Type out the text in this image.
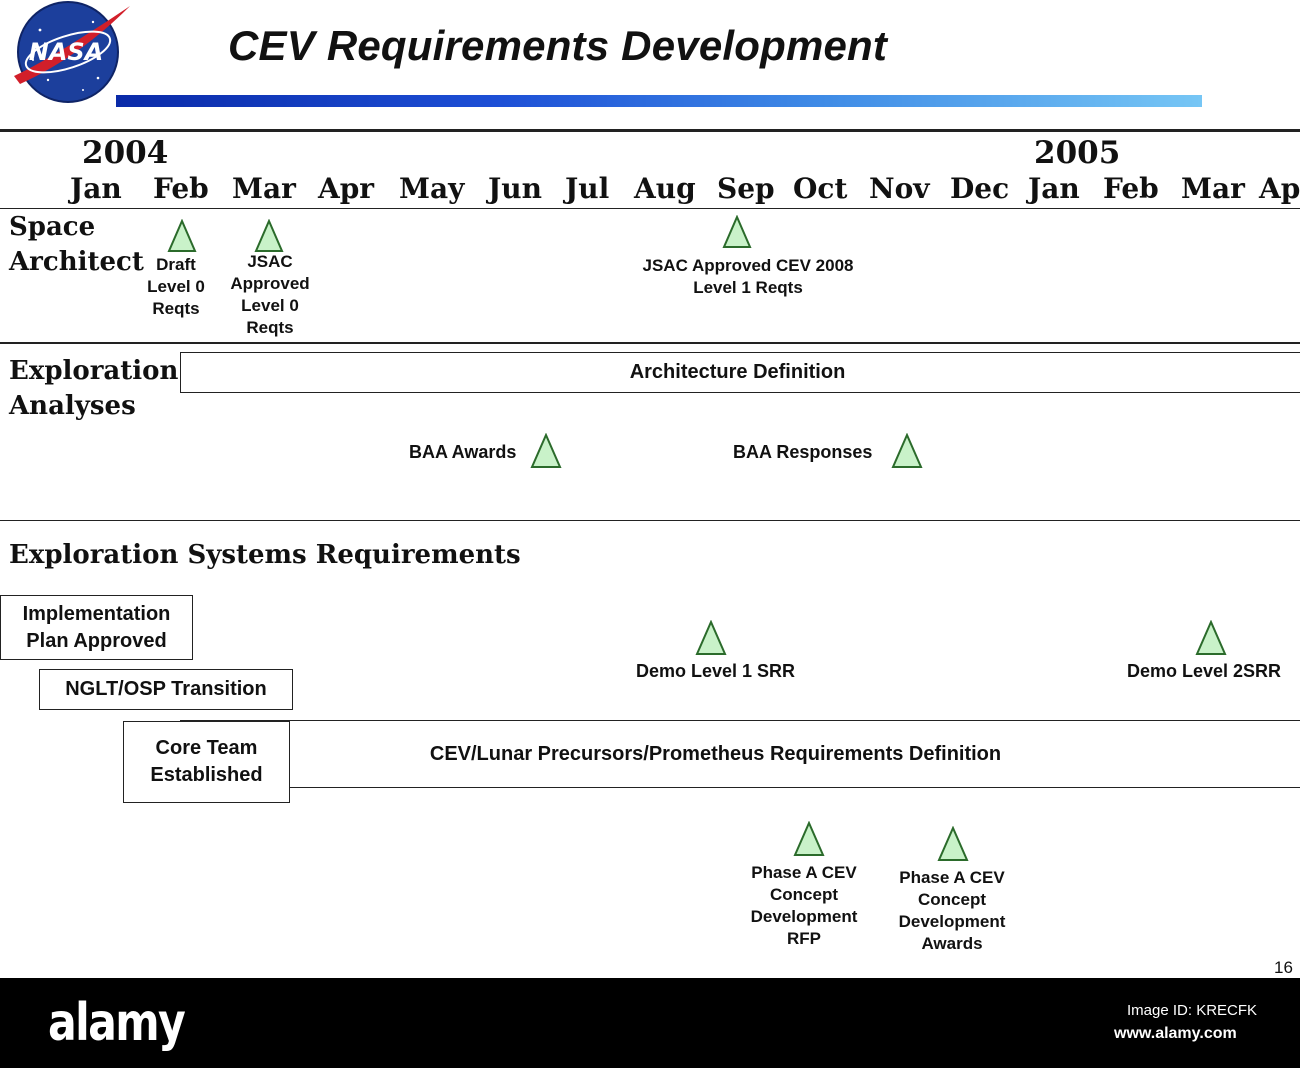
NASA	CEV Requirements Development
2004	2005
Jan Feb Mar Apr May Jun Jul Aug Sep Oct Nov Dec Jan Feb Mar Ap
Space
Architect Draft
Level 0
Reqts
JSAC
Approved
Level 0
Reqts
JSAC Approved CEV 2008
Level 1 Reqts
Exploration
Analyses
Architecture Definition
BAA Awards	BAA Responses
Exploration Systems Requirements
Implementation
Plan Approved
NGLT/OSP Transition
CEV/Lunar Precursors/Prometheus Requirements Definition
Core Team
Established
Demo Level 1 SRR	Demo Level 2SRR
Phase A CEV
Concept
Development
RFP
Phase A CEV
Concept
Development
Awards
16
alamy	Image ID: KRECFK
www.alamy.com
